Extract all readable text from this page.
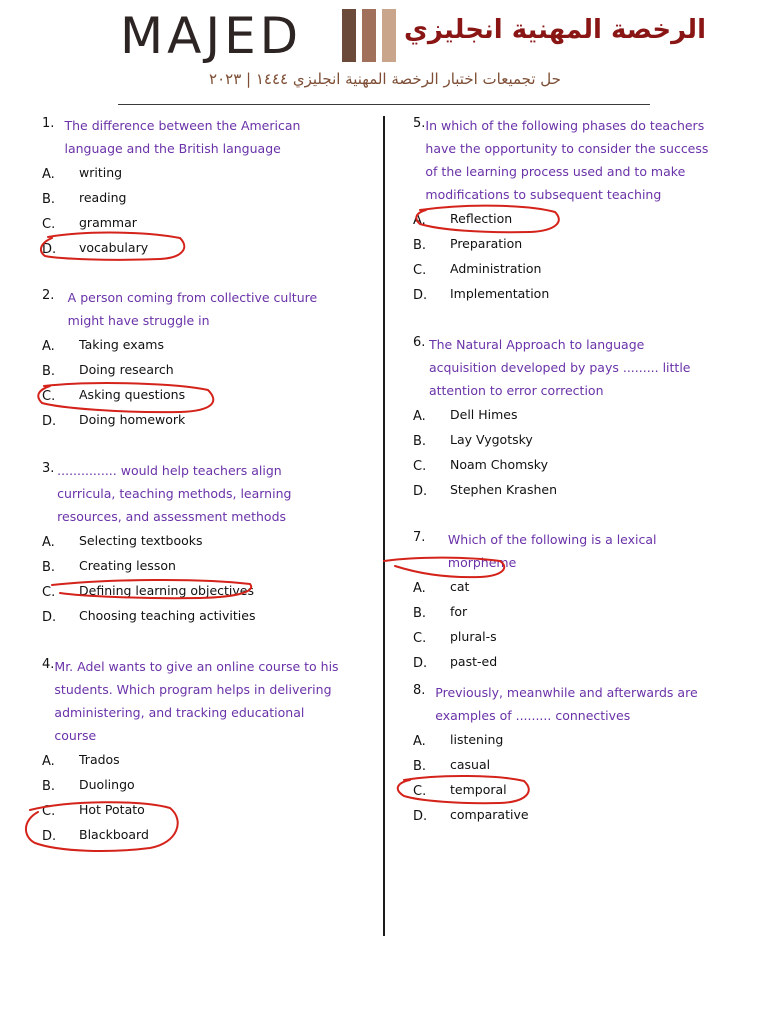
MAJED	الرخصة المهنية انجليزي
حل تجميعات اختبار الرخصة المهنية انجليزي ١٤٤٤ | ٢٠٢٣
1. The difference between the American language and the British language
A.	writing
B.	reading
C.	grammar
D.	vocabulary
2.	A person coming from collective culture might have struggle in
A.	Taking exams
B.	Doing research
C.	Asking questions
D.	Doing homework
3. ............... would help teachers align curricula, teaching methods, learning resources, and assessment methods
A.	Selecting textbooks
B.	Creating lesson
C.	Defining learning objectives
D.	Choosing teaching activities
4. Mr. Adel wants to give an online course to his students. Which program helps in delivering administering, and tracking educational course
A.	Trados
B.	Duolingo
C.	Hot Potato
D.	Blackboard
5. In which of the following phases do teachers have the opportunity to consider the success of the learning process used and to make modifications to subsequent teaching
A.	Reflection
B.	Preparation
C.	Administration
D.	Implementation
6. The Natural Approach to language acquisition developed by pays ......... little attention to error correction
A.	Dell Himes
B.	Lay Vygotsky
C.	Noam Chomsky
D.	Stephen Krashen
7.	Which of the following is a lexical morpheme
A.	cat
B.	for
C.	plural-s
D.	past-ed
8. Previously, meanwhile and afterwards are examples of ......... connectives
A.	listening
B.	casual
C.	temporal
D.	comparative
